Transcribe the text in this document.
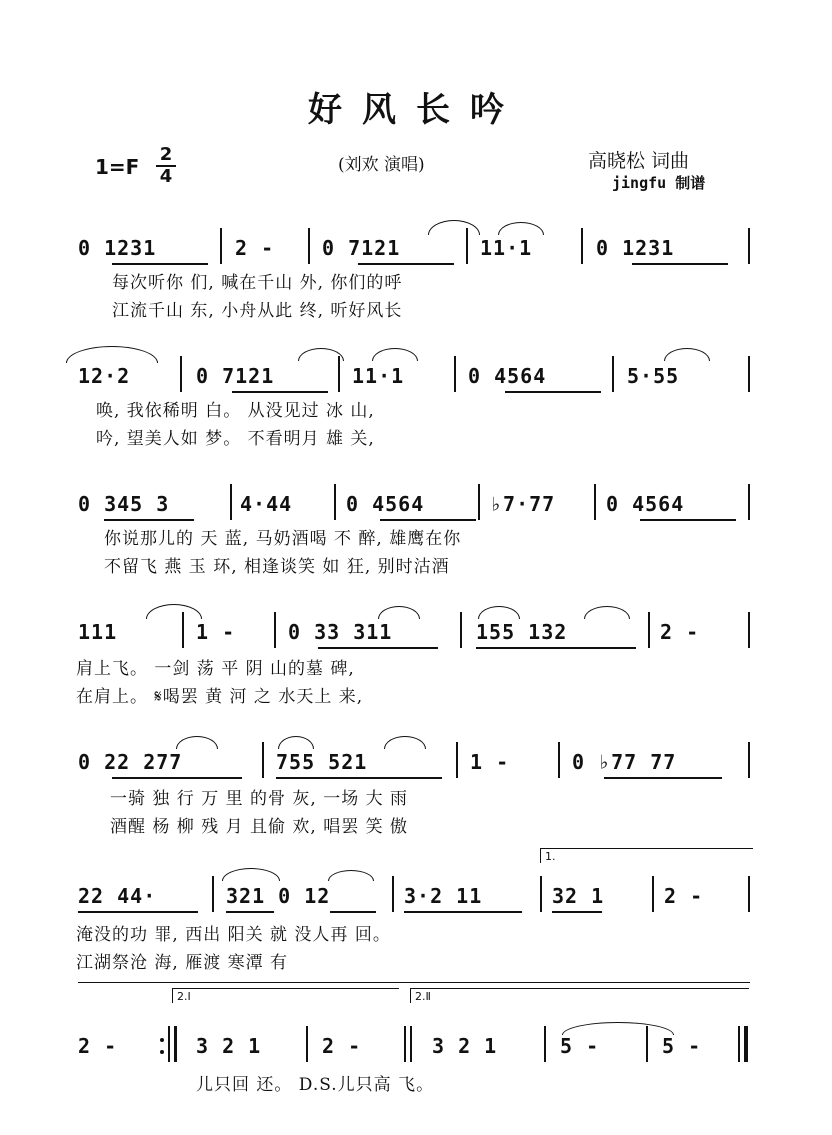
好风长吟
1=F
2
4
(刘欢 演唱)	高晓松 词曲
jingfu 制谱
0 1231	2 - 0 7121	11·1	0 1231
每次听你 们, 喊在千山 外, 你们的呼
江流千山 东, 小舟从此 终, 听好风长
12·2	0 7121	11·1	0 4564	5·55
唤, 我依稀明 白。 从没见过 冰 山,
吟, 望美人如 梦。 不看明月 雄 关,
0 345 3	4·44	0 4564	♭7·77	0 4564
你说那儿的 天 蓝, 马奶酒喝 不 醉, 雄鹰在你
不留飞 燕 玉 环, 相逢谈笑 如 狂, 别时沽酒
111	1 -	0 33 311	155 132	2 -
肩上飞。 一剑 荡 平 阴 山的墓 碑,
在肩上。 𝄋喝罢 黄 河 之 水天上 来,
0 22 277	755 521	1 -	0 ♭77 77
一骑 独 行 万 里 的骨 灰, 一场 大 雨
酒醒 杨 柳 残 月 且偷 欢, 唱罢 笑 傲
1.
22 44·	321 0 12	3·2 11	32 1	2 -
淹没的功 罪, 西出 阳关 就 没人再 回。
江湖祭沧 海, 雁渡 寒潭 有
2.Ⅰ	2.Ⅱ
2 -	3 2 1	2 -	3 2 1	5 -	5 -
儿只回 还。 D.S.儿只高 飞。
